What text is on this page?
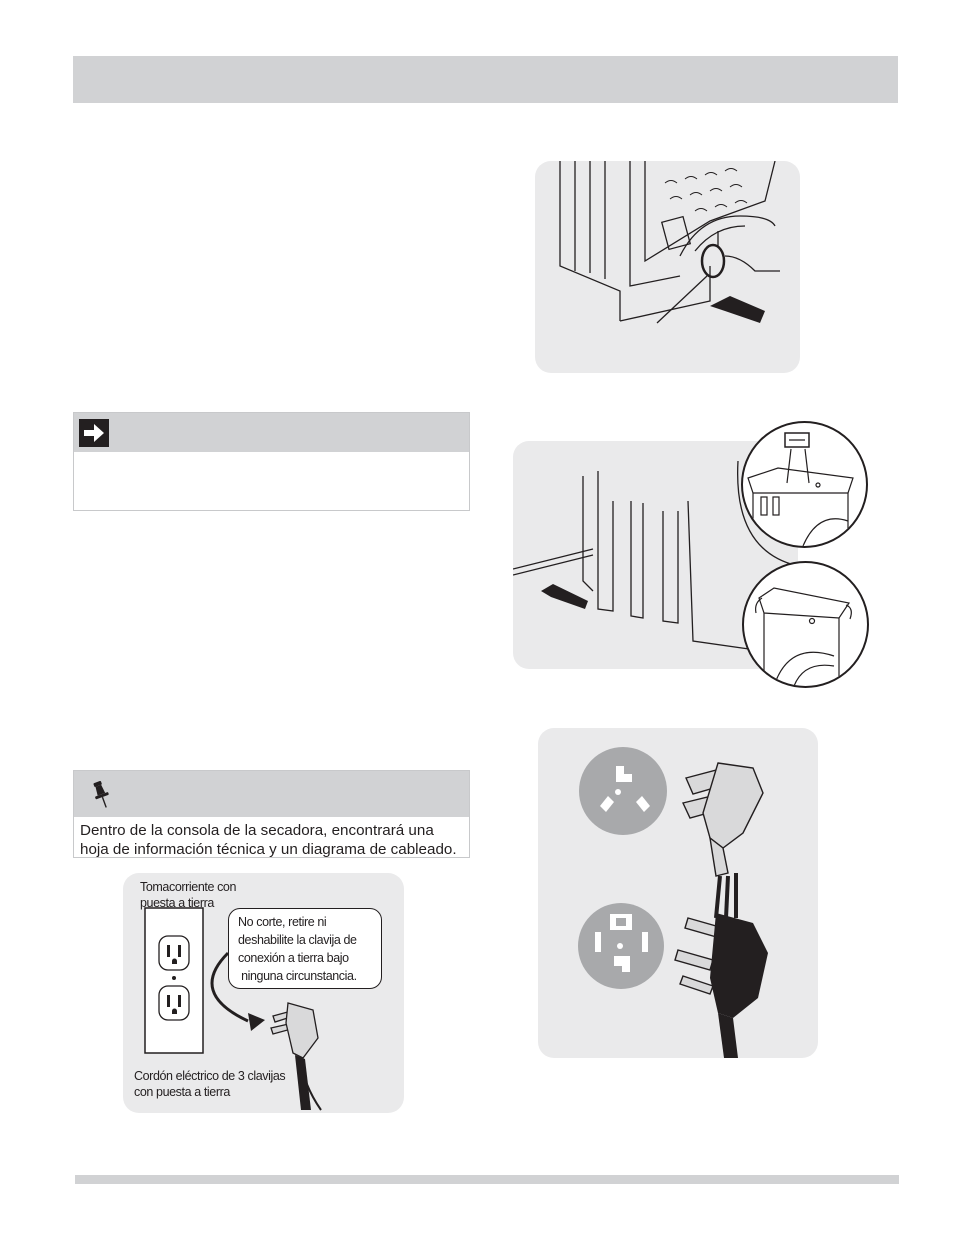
Dentro de la consola de la secadora, encontrará una
hoja de información técnica y un diagrama de cableado.
Tomacorriente con
puesta a tierra
Cordón eléctrico de 3 clavijas
con puesta a tierra
No corte, retire ni
deshabilite la clavija de
conexión a tierra bajo
ninguna circunstancia.
